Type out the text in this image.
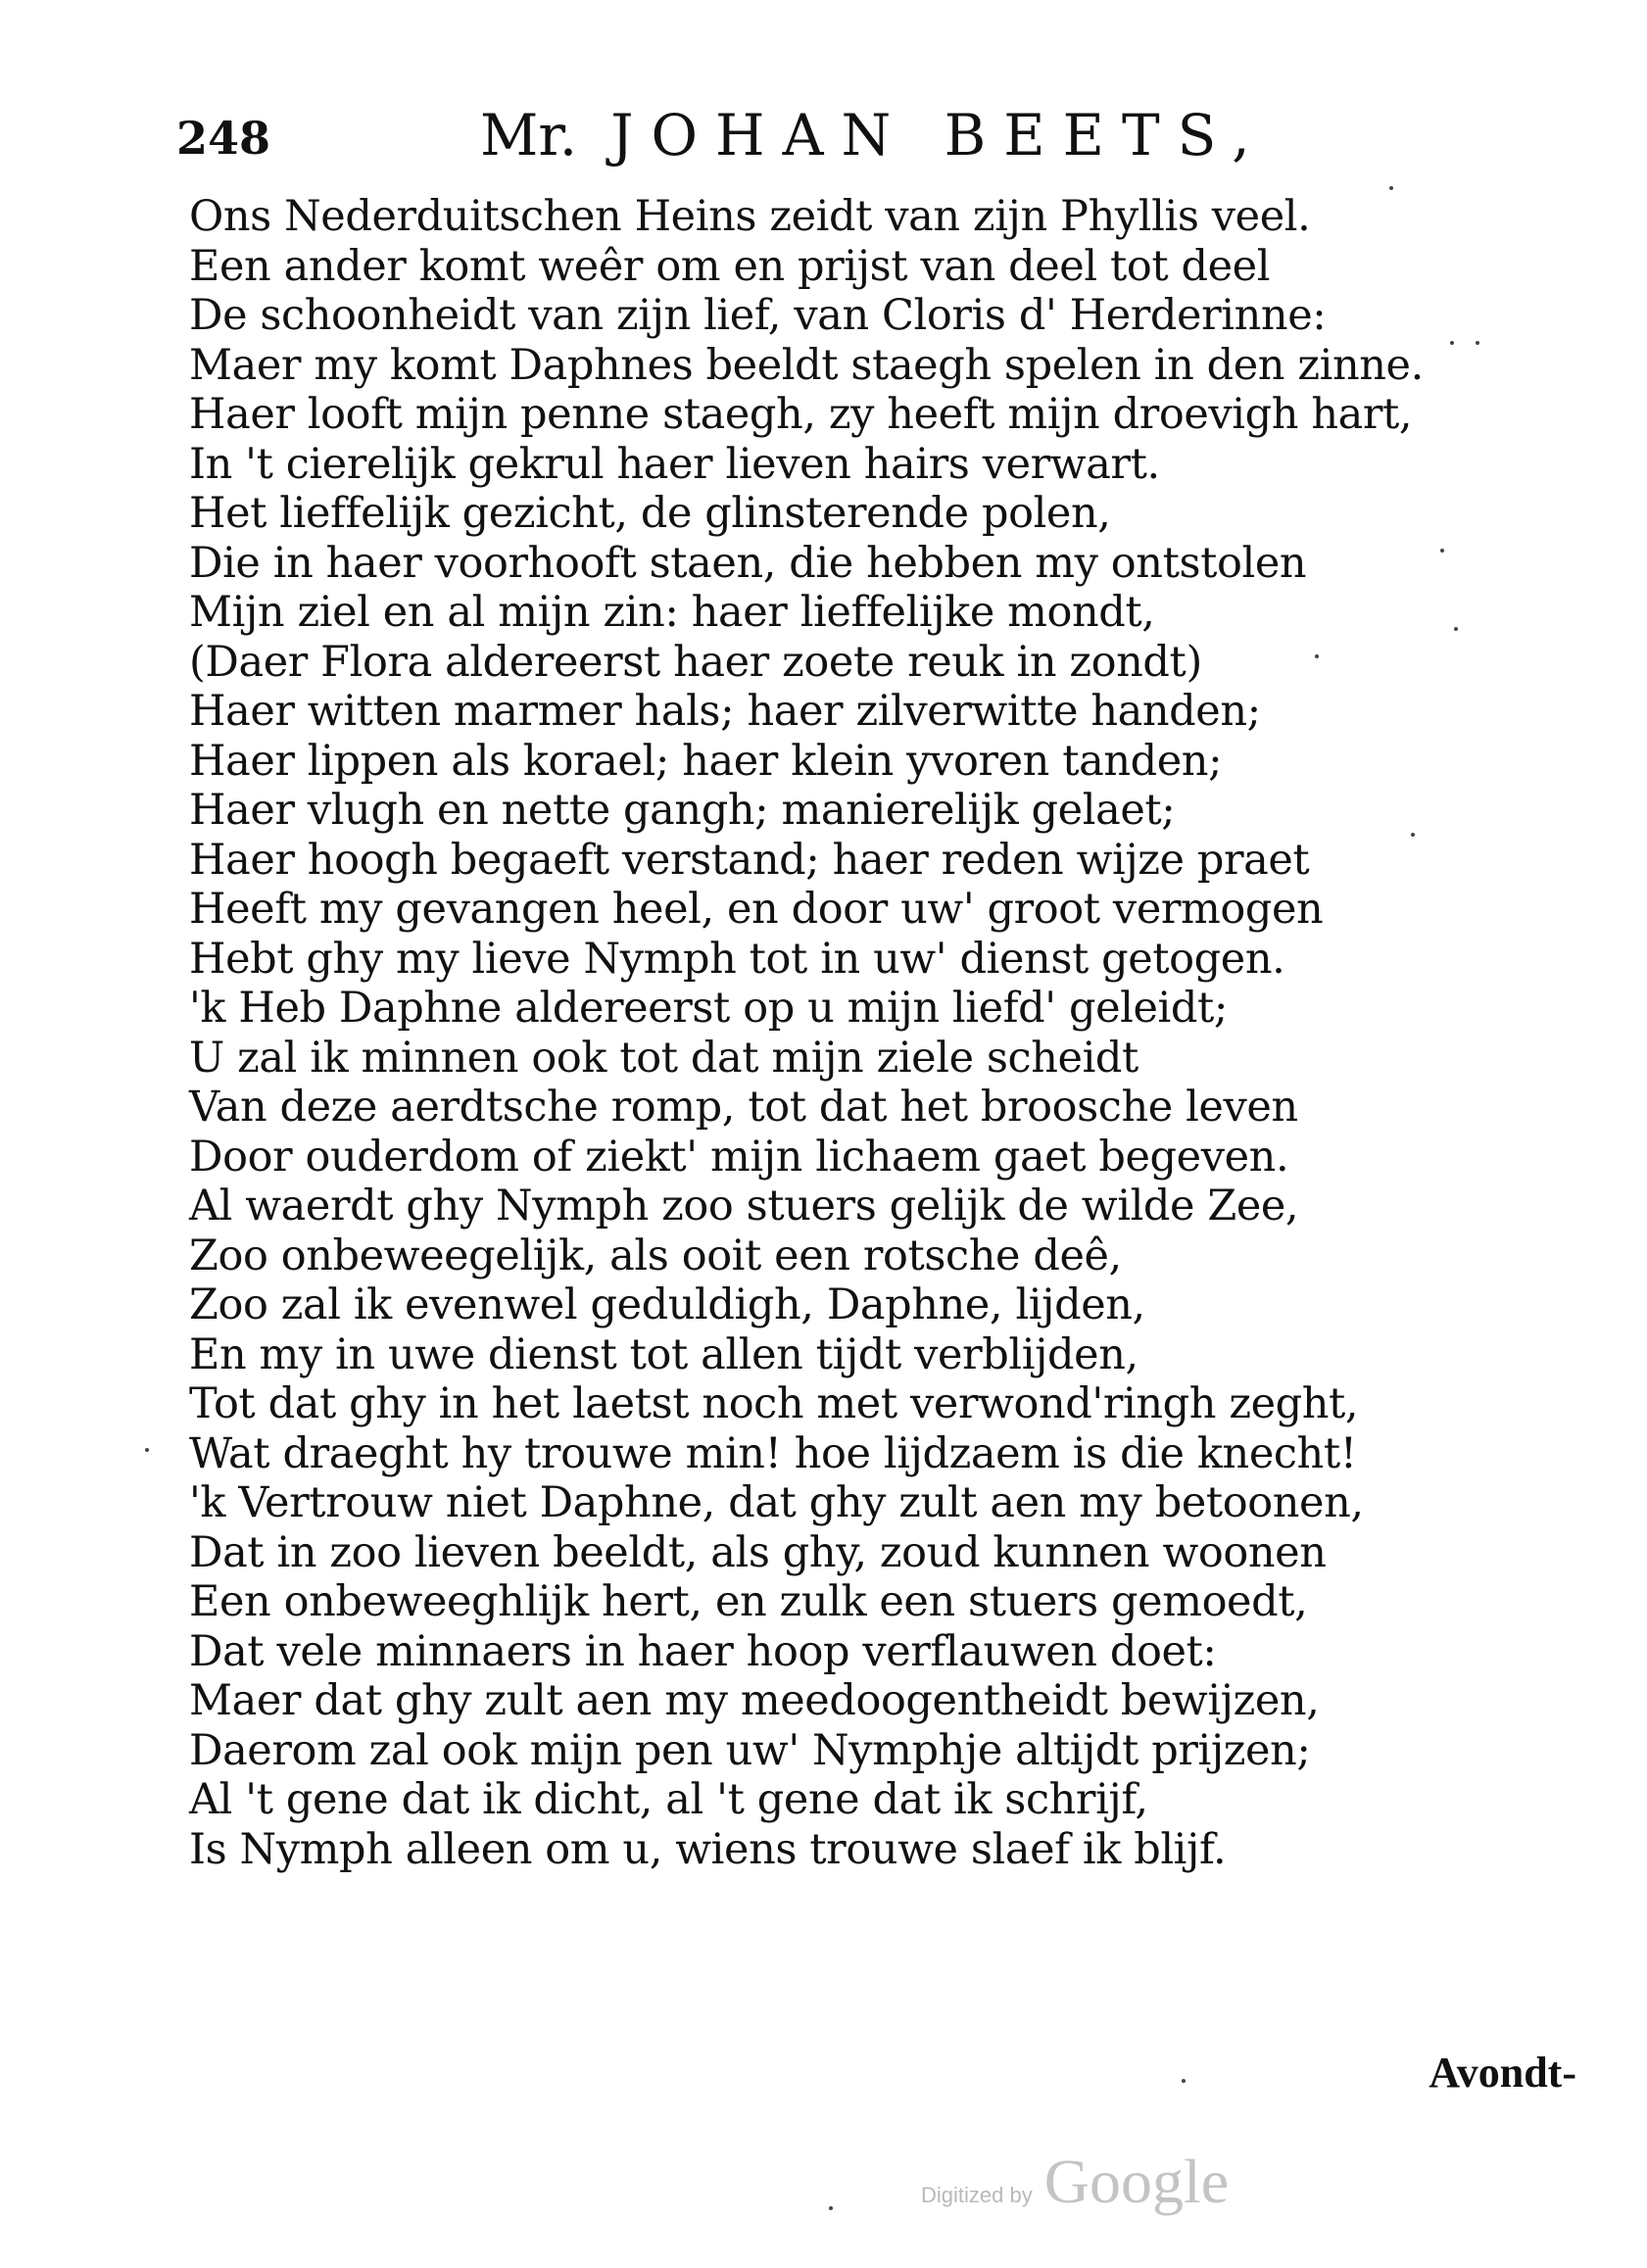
248	Mr. JOHAN BEETS,
Ons Nederduitschen Heins zeidt van zijn Phyllis veel.
Een ander komt weêr om en prijst van deel tot deel
De schoonheidt van zijn lief, van Cloris d' Herderinne:
Maer my komt Daphnes beeldt staegh spelen in den zinne.
Haer looft mijn penne staegh, zy heeft mijn droevigh hart,
In 't cierelijk gekrul haer lieven hairs verwart.
Het lieffelijk gezicht, de glinsterende polen,
Die in haer voorhooft staen, die hebben my ontstolen
Mijn ziel en al mijn zin: haer lieffelijke mondt,
(Daer Flora aldereerst haer zoete reuk in zondt)
Haer witten marmer hals; haer zilverwitte handen;
Haer lippen als korael; haer klein yvoren tanden;
Haer vlugh en nette gangh; manierelijk gelaet;
Haer hoogh begaeft verstand; haer reden wijze praet
Heeft my gevangen heel, en door uw' groot vermogen
Hebt ghy my lieve Nymph tot in uw' dienst getogen.
'k Heb Daphne aldereerst op u mijn liefd' geleidt;
U zal ik minnen ook tot dat mijn ziele scheidt
Van deze aerdtsche romp, tot dat het broosche leven
Door ouderdom of ziekt' mijn lichaem gaet begeven.
Al waerdt ghy Nymph zoo stuers gelijk de wilde Zee,
Zoo onbeweegelijk, als ooit een rotsche deê,
Zoo zal ik evenwel geduldigh, Daphne, lijden,
En my in uwe dienst tot allen tijdt verblijden,
Tot dat ghy in het laetst noch met verwond'ringh zeght,
Wat draeght hy trouwe min! hoe lijdzaem is die knecht!
'k Vertrouw niet Daphne, dat ghy zult aen my betoonen,
Dat in zoo lieven beeldt, als ghy, zoud kunnen woonen
Een onbeweeghlijk hert, en zulk een stuers gemoedt,
Dat vele minnaers in haer hoop verflauwen doet:
Maer dat ghy zult aen my meedoogentheidt bewijzen,
Daerom zal ook mijn pen uw' Nymphje altijdt prijzen;
Al 't gene dat ik dicht, al 't gene dat ik schrijf,
Is Nymph alleen om u, wiens trouwe slaef ik blijf.
Avondt-
Digitized by Google
